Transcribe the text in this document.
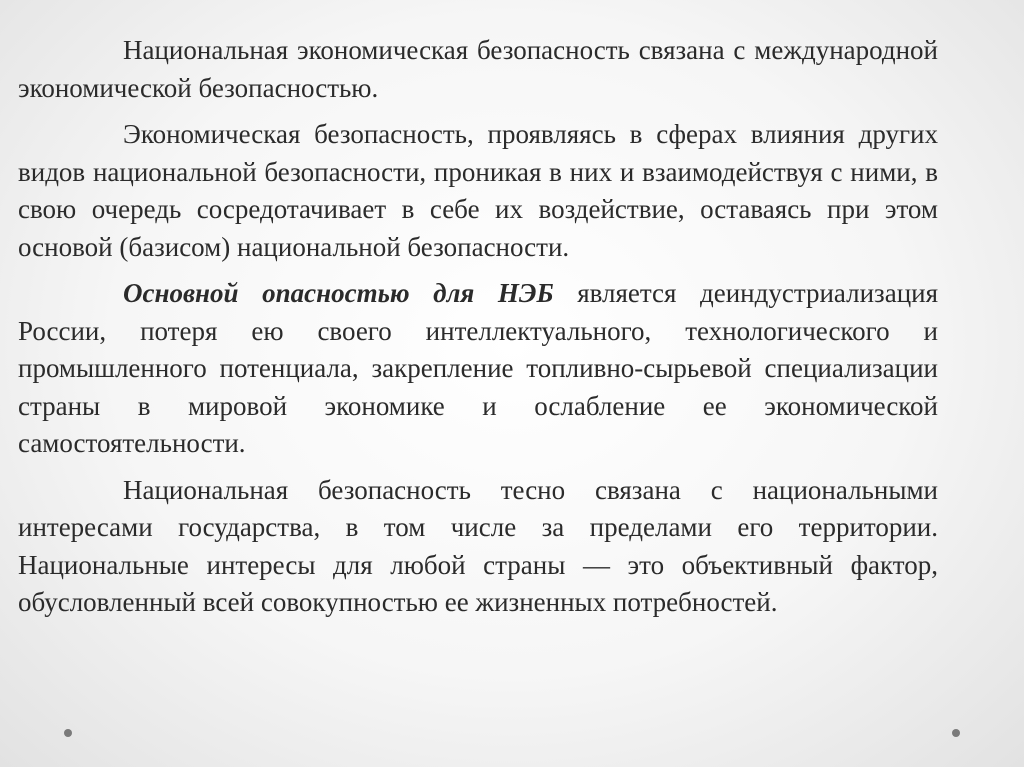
Национальная экономическая безопасность связана с международной экономической безопасностью.

Экономическая безопасность, проявляясь в сферах влияния других видов национальной безопасности, проникая в них и взаимодействуя с ними, в свою очередь сосредотачивает в себе их воздействие, оставаясь при этом основой (базисом) национальной безопасности.

Основной опасностью для НЭБ является деиндустриализация России, потеря ею своего интеллектуального, технологического и промышленного потенциала, закрепление топливно-сырьевой специализации страны в мировой экономике и ослабление ее экономической самостоятельности.

Национальная безопасность тесно связана с национальными интересами государства, в том числе за пределами его территории. Национальные интересы для любой страны — это объективный фактор, обусловленный всей совокупностью ее жизненных потребностей.
